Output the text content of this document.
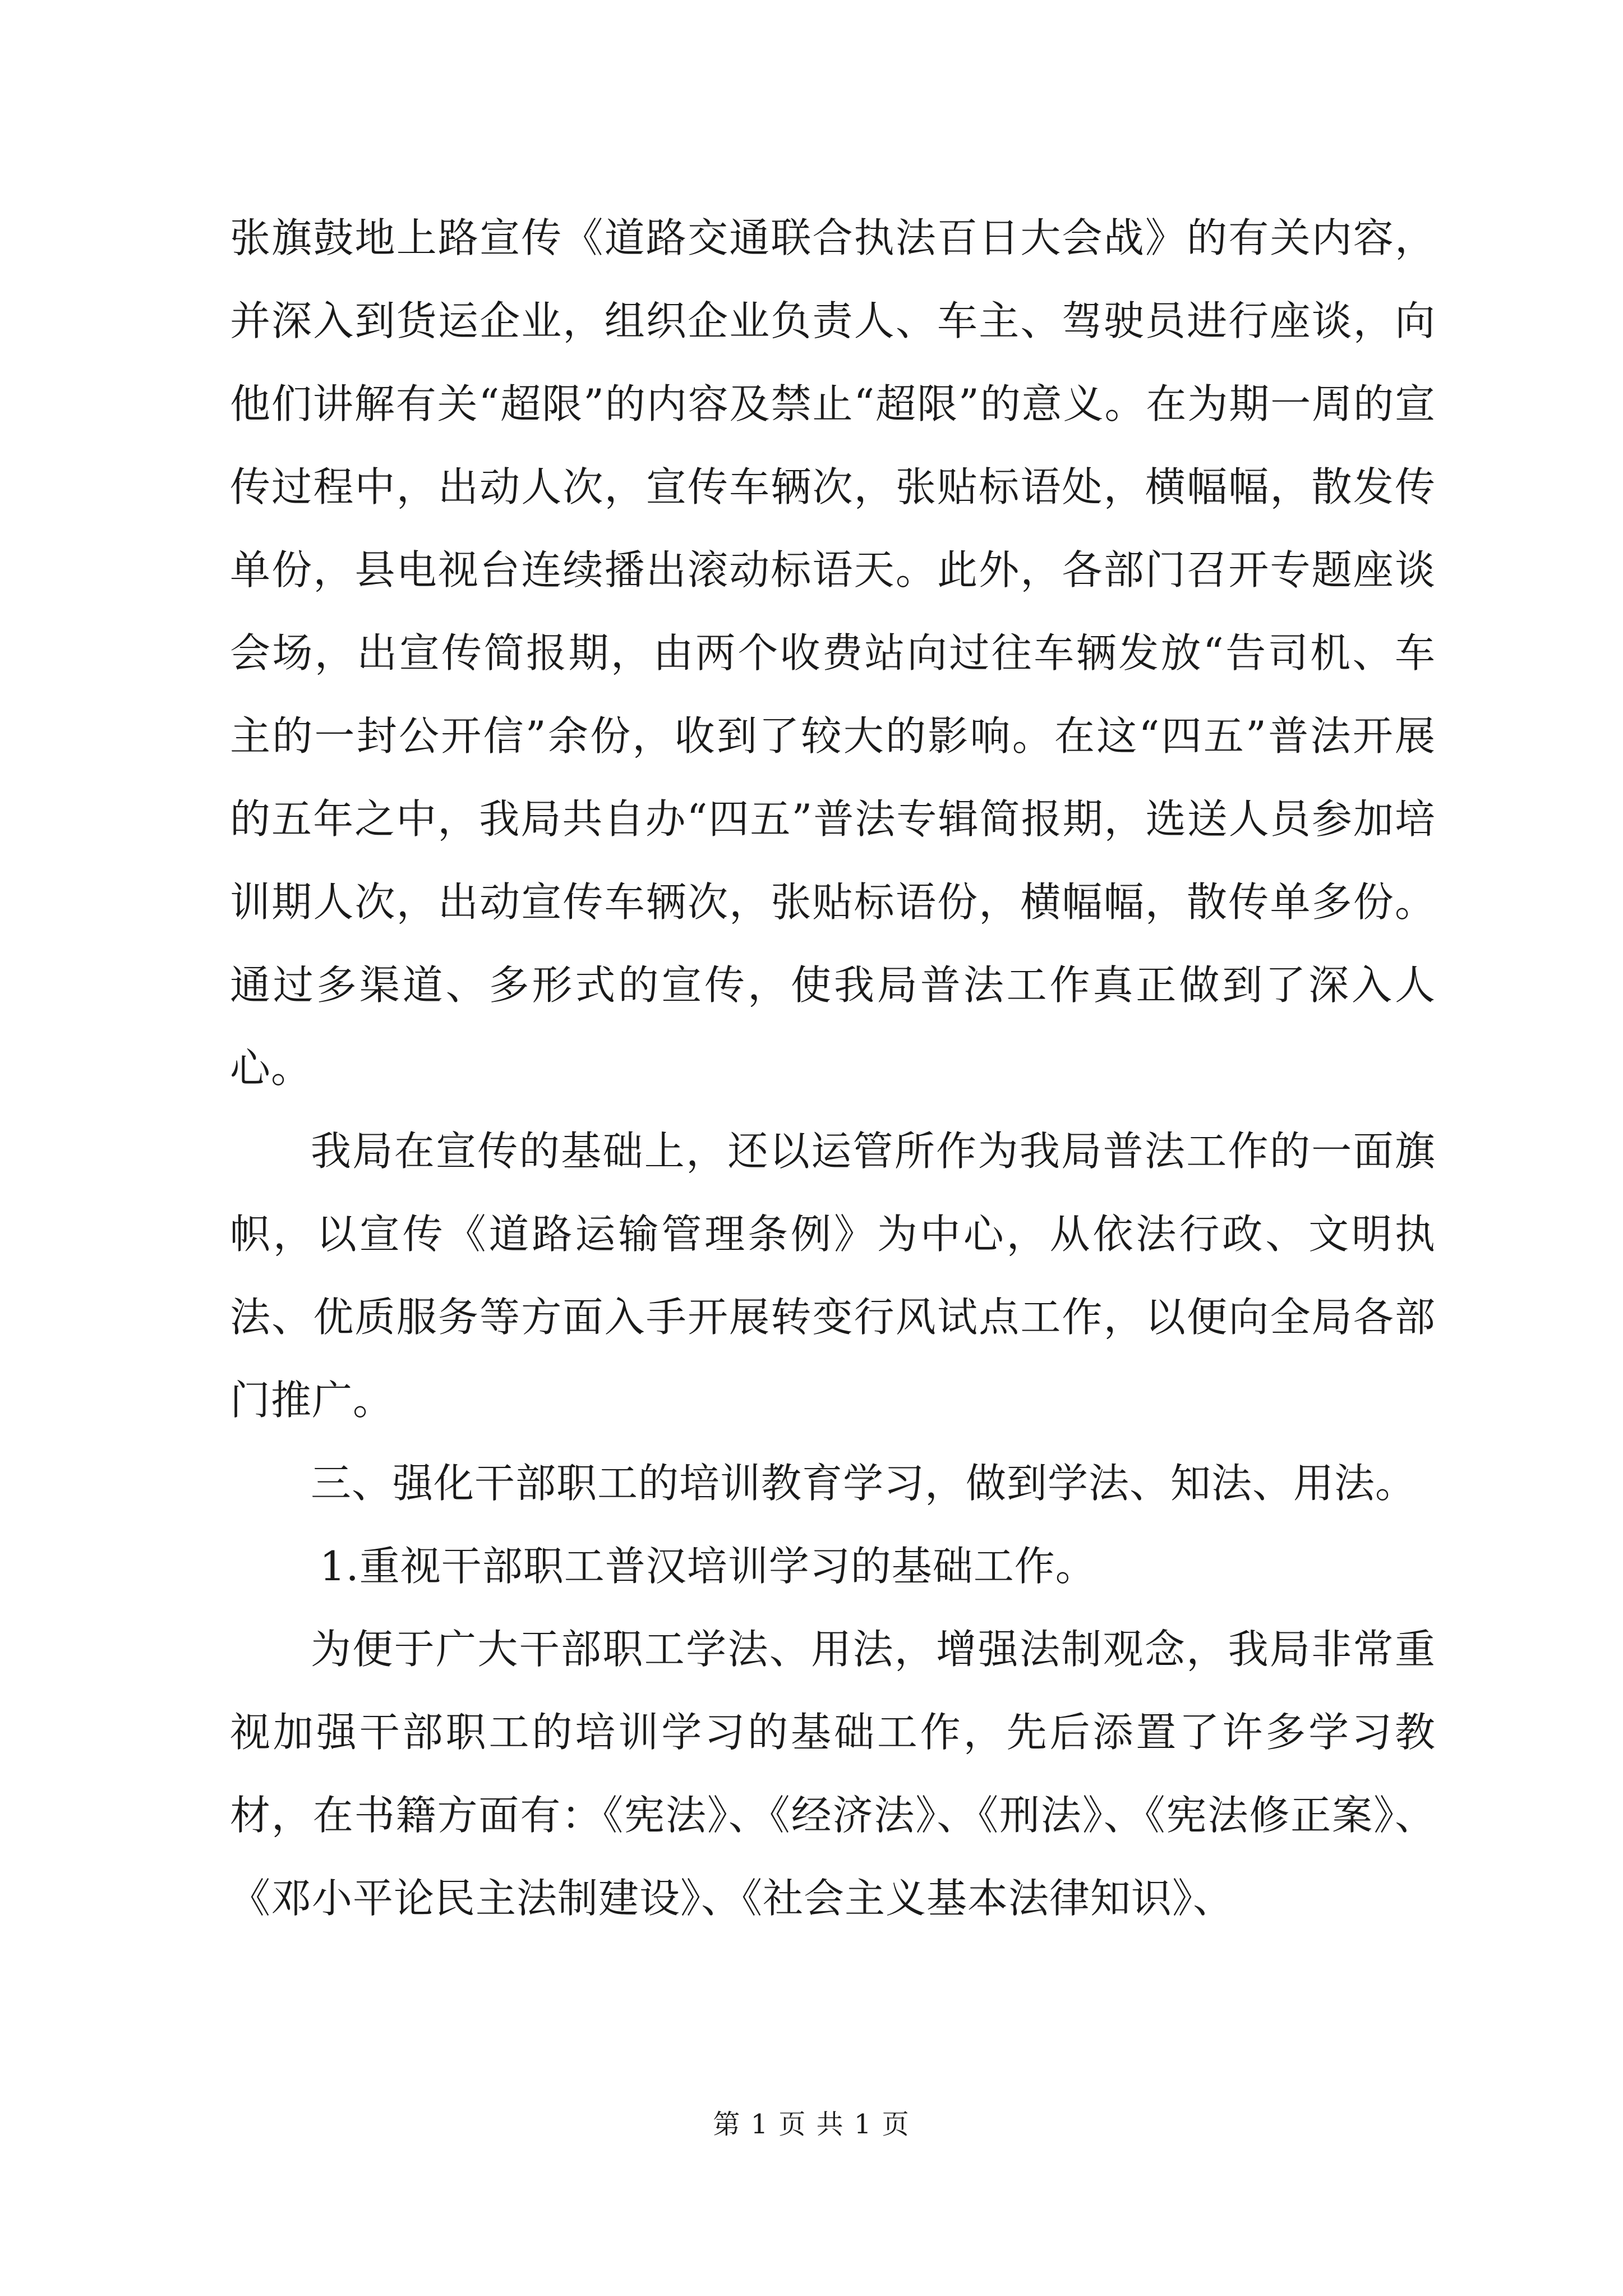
张旗鼓地上路宣传《道路交通联合执法百日大会战》的有关内容，并深入到货运企业，组织企业负责人、车主、驾驶员进行座谈，向他们讲解有关“超限”的内容及禁止“超限”的意义。在为期一周的宣传过程中，出动人次，宣传车辆次，张贴标语处，横幅幅，散发传单份，县电视台连续播出滚动标语天。此外，各部门召开专题座谈会场，出宣传简报期，由两个收费站向过往车辆发放“告司机、车主的一封公开信”余份，收到了较大的影响。在这“四五”普法开展的五年之中，我局共自办“四五”普法专辑简报期，选送人员参加培训期人次，出动宣传车辆次，张贴标语份，横幅幅，散传单多份。通过多渠道、多形式的宣传，使我局普法工作真正做到了深入人心。

我局在宣传的基础上，还以运管所作为我局普法工作的一面旗帜，以宣传《道路运输管理条例》为中心，从依法行政、文明执法、优质服务等方面入手开展转变行风试点工作，以便向全局各部门推广。

三、强化干部职工的培训教育学习，做到学法、知法、用法。

1.重视干部职工普汉培训学习的基础工作。

为便于广大干部职工学法、用法，增强法制观念，我局非常重视加强干部职工的培训学习的基础工作，先后添置了许多学习教材，在书籍方面有：《宪法》、《经济法》、《刑法》、《宪法修正案》、《邓小平论民主法制建设》、《社会主义基本法律知识》、

第 1 页 共 1 页
